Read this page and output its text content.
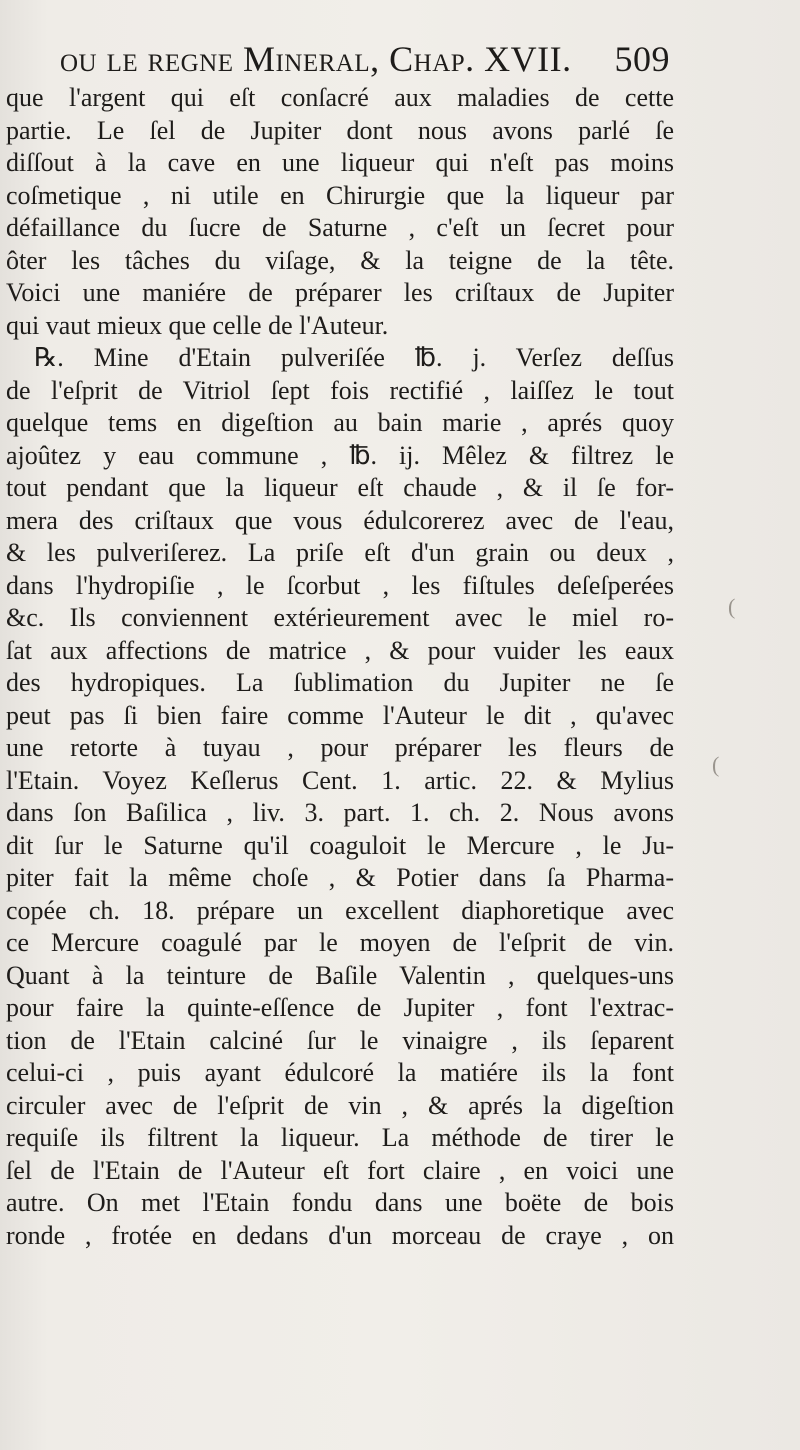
ou le regne Mineral, Chap. XVII. 509
que l'argent qui eſt conſacré aux maladies de cette
partie. Le ſel de Jupiter dont nous avons parlé ſe
diſſout à la cave en une liqueur qui n'eſt pas moins
coſmetique , ni utile en Chirurgie que la liqueur par
défaillance du ſucre de Saturne , c'eſt un ſecret pour
ôter les tâches du viſage, & la teigne de la tête.
Voici une maniére de préparer les criſtaux de Jupiter
qui vaut mieux que celle de l'Auteur.
℞. Mine d'Etain pulveriſée ℔. j. Verſez deſſus
de l'eſprit de Vitriol ſept fois rectifié , laiſſez le tout
quelque tems en digeſtion au bain marie , aprés quoy
ajoûtez y eau commune , ℔. ij. Mêlez & filtrez le
tout pendant que la liqueur eſt chaude , & il ſe for-
mera des criſtaux que vous édulcorerez avec de l'eau,
& les pulveriſerez. La priſe eſt d'un grain ou deux ,
dans l'hydropiſie , le ſcorbut , les fiſtules deſeſperées
&c. Ils conviennent extérieurement avec le miel ro-
ſat aux affections de matrice , & pour vuider les eaux
des hydropiques. La ſublimation du Jupiter ne ſe
peut pas ſi bien faire comme l'Auteur le dit , qu'avec
une retorte à tuyau , pour préparer les fleurs de
l'Etain. Voyez Keſlerus Cent. 1. artic. 22. & Mylius
dans ſon Baſilica , liv. 3. part. 1. ch. 2. Nous avons
dit ſur le Saturne qu'il coaguloit le Mercure , le Ju-
piter fait la même choſe , & Potier dans ſa Pharma-
copée ch. 18. prépare un excellent diaphoretique avec
ce Mercure coagulé par le moyen de l'eſprit de vin.
Quant à la teinture de Baſile Valentin , quelques-uns
pour faire la quinte-eſſence de Jupiter , font l'extrac-
tion de l'Etain calciné ſur le vinaigre , ils ſeparent
celui-ci , puis ayant édulcoré la matiére ils la font
circuler avec de l'eſprit de vin , & aprés la digeſtion
requiſe ils filtrent la liqueur. La méthode de tirer le
ſel de l'Etain de l'Auteur eſt fort claire , en voici une
autre. On met l'Etain fondu dans une boëte de bois
ronde , frotée en dedans d'un morceau de craye , on
(
(
